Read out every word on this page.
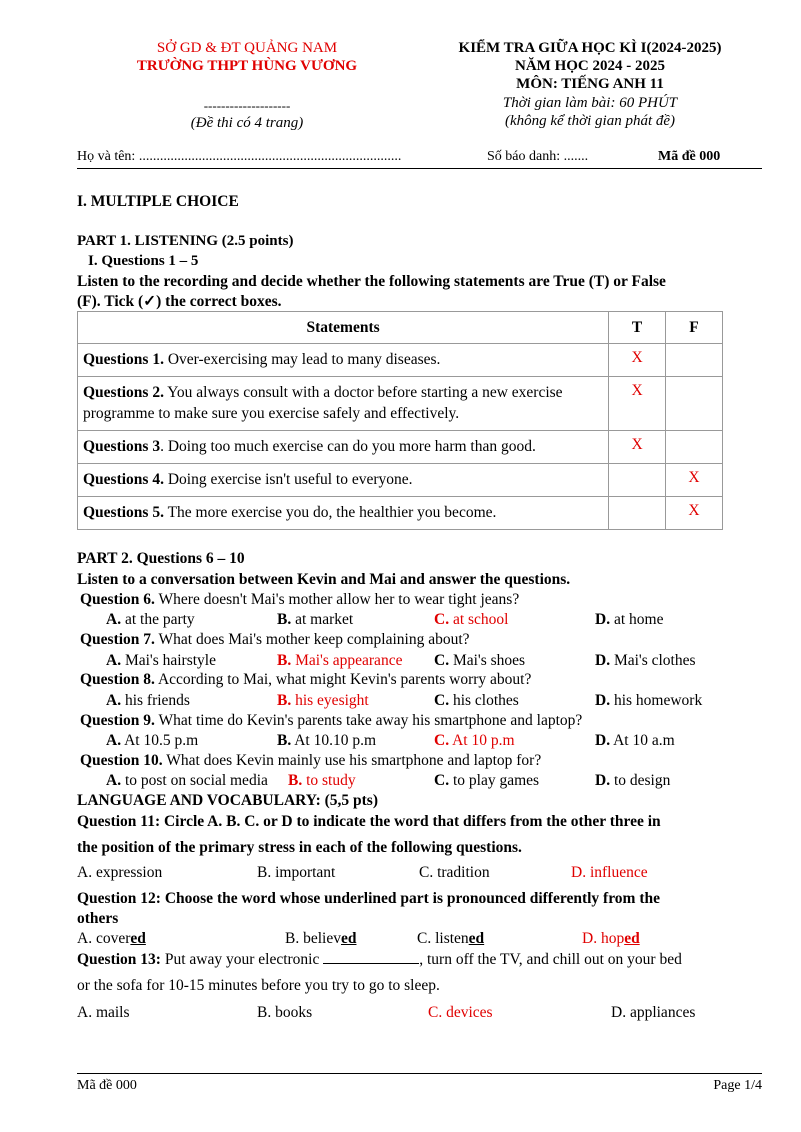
SỞ GD & ĐT QUẢNG NAM
TRƯỜNG THPT HÙNG VƯƠNG
--------------------
(Đề thi có 4 trang)
KIỂM TRA GIỮA HỌC KÌ I(2024-2025)
NĂM HỌC 2024 - 2025
MÔN: TIẾNG ANH 11
Thời gian làm bài: 60 PHÚT
(không kể thời gian phát đề)
Họ và tên: ...........................................................................	Số báo danh: .......	Mã đề 000
I. MULTIPLE CHOICE
PART 1. LISTENING (2.5 points)
I. Questions 1 – 5
Listen to the recording and decide whether the following statements are True (T) or False
(F). Tick (✓) the correct boxes.
Statements	T	F
Questions 1. Over-exercising may lead to many diseases.	X	
Questions 2. You always consult with a doctor before starting a new exercise programme to make sure you exercise safely and effectively.	X	
Questions 3. Doing too much exercise can do you more harm than good.	X	
Questions 4. Doing exercise isn't useful to everyone.		X
Questions 5. The more exercise you do, the healthier you become.		X
PART 2. Questions 6 – 10
Listen to a conversation between Kevin and Mai and answer the questions.
Question 6. Where doesn't Mai's mother allow her to wear tight jeans?
A. at the party	B. at market	C. at school	D. at home
Question 7. What does Mai's mother keep complaining about?
A. Mai's hairstyle	B. Mai's appearance C. Mai's shoes	D. Mai's clothes
Question 8. According to Mai, what might Kevin's parents worry about?
A. his friends	B. his eyesight	C. his clothes	D. his homework
Question 9. What time do Kevin's parents take away his smartphone and laptop?
A. At 10.5 p.m	B. At 10.10 p.m	C. At 10 p.m	D. At 10 a.m
Question 10. What does Kevin mainly use his smartphone and laptop for?
A. to post on social media B. to study	C. to play games	D. to design
LANGUAGE AND VOCABULARY: (5,5 pts)
Question 11: Circle A. B. C. or D to indicate the word that differs from the other three in
the position of the primary stress in each of the following questions.
A. expression	B. important	C. tradition	D. influence
Question 12: Choose the word whose underlined part is pronounced differently from the
others
A. covered	B. believed	C. listened	D. hoped
Question 13: Put away your electronic	, turn off the TV, and chill out on your bed
or the sofa for 10-15 minutes before you try to go to sleep.
A. mails	B. books	C. devices	D. appliances
Mã đề 000	Page 1/4
